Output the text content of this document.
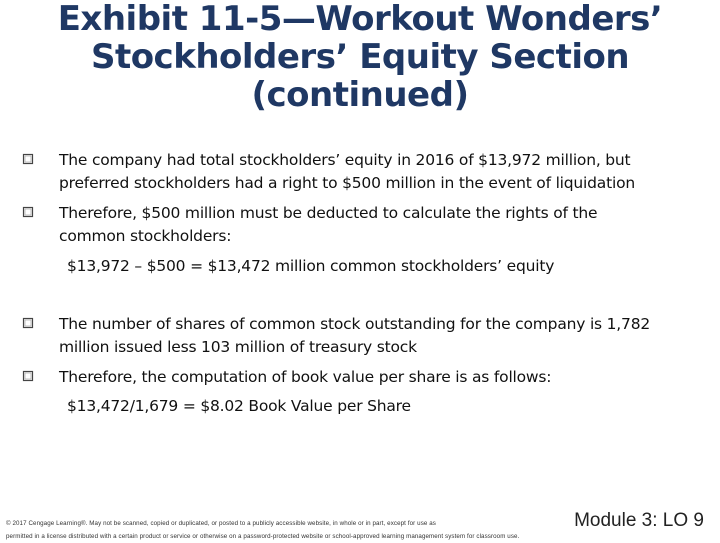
Exhibit 11-5—Workout Wonders’
Stockholders’ Equity Section
(continued)
The company had total stockholders’ equity in 2016 of $13,972 million, but
preferred stockholders had a right to $500 million in the event of liquidation
Therefore, $500 million must be deducted to calculate the rights of the
common stockholders:
$13,972 – $500 = $13,472 million common stockholders’ equity
The number of shares of common stock outstanding for the company is 1,782
million issued less 103 million of treasury stock
Therefore, the computation of book value per share is as follows:
$13,472/1,679 = $8.02 Book Value per Share
© 2017 Cengage Learning®. May not be scanned, copied or duplicated, or posted to a publicly accessible website, in whole or in part, except for use as
permitted in a license distributed with a certain product or service or otherwise on a password-protected website or school-approved learning management system for classroom use.
Module 3: LO 9
